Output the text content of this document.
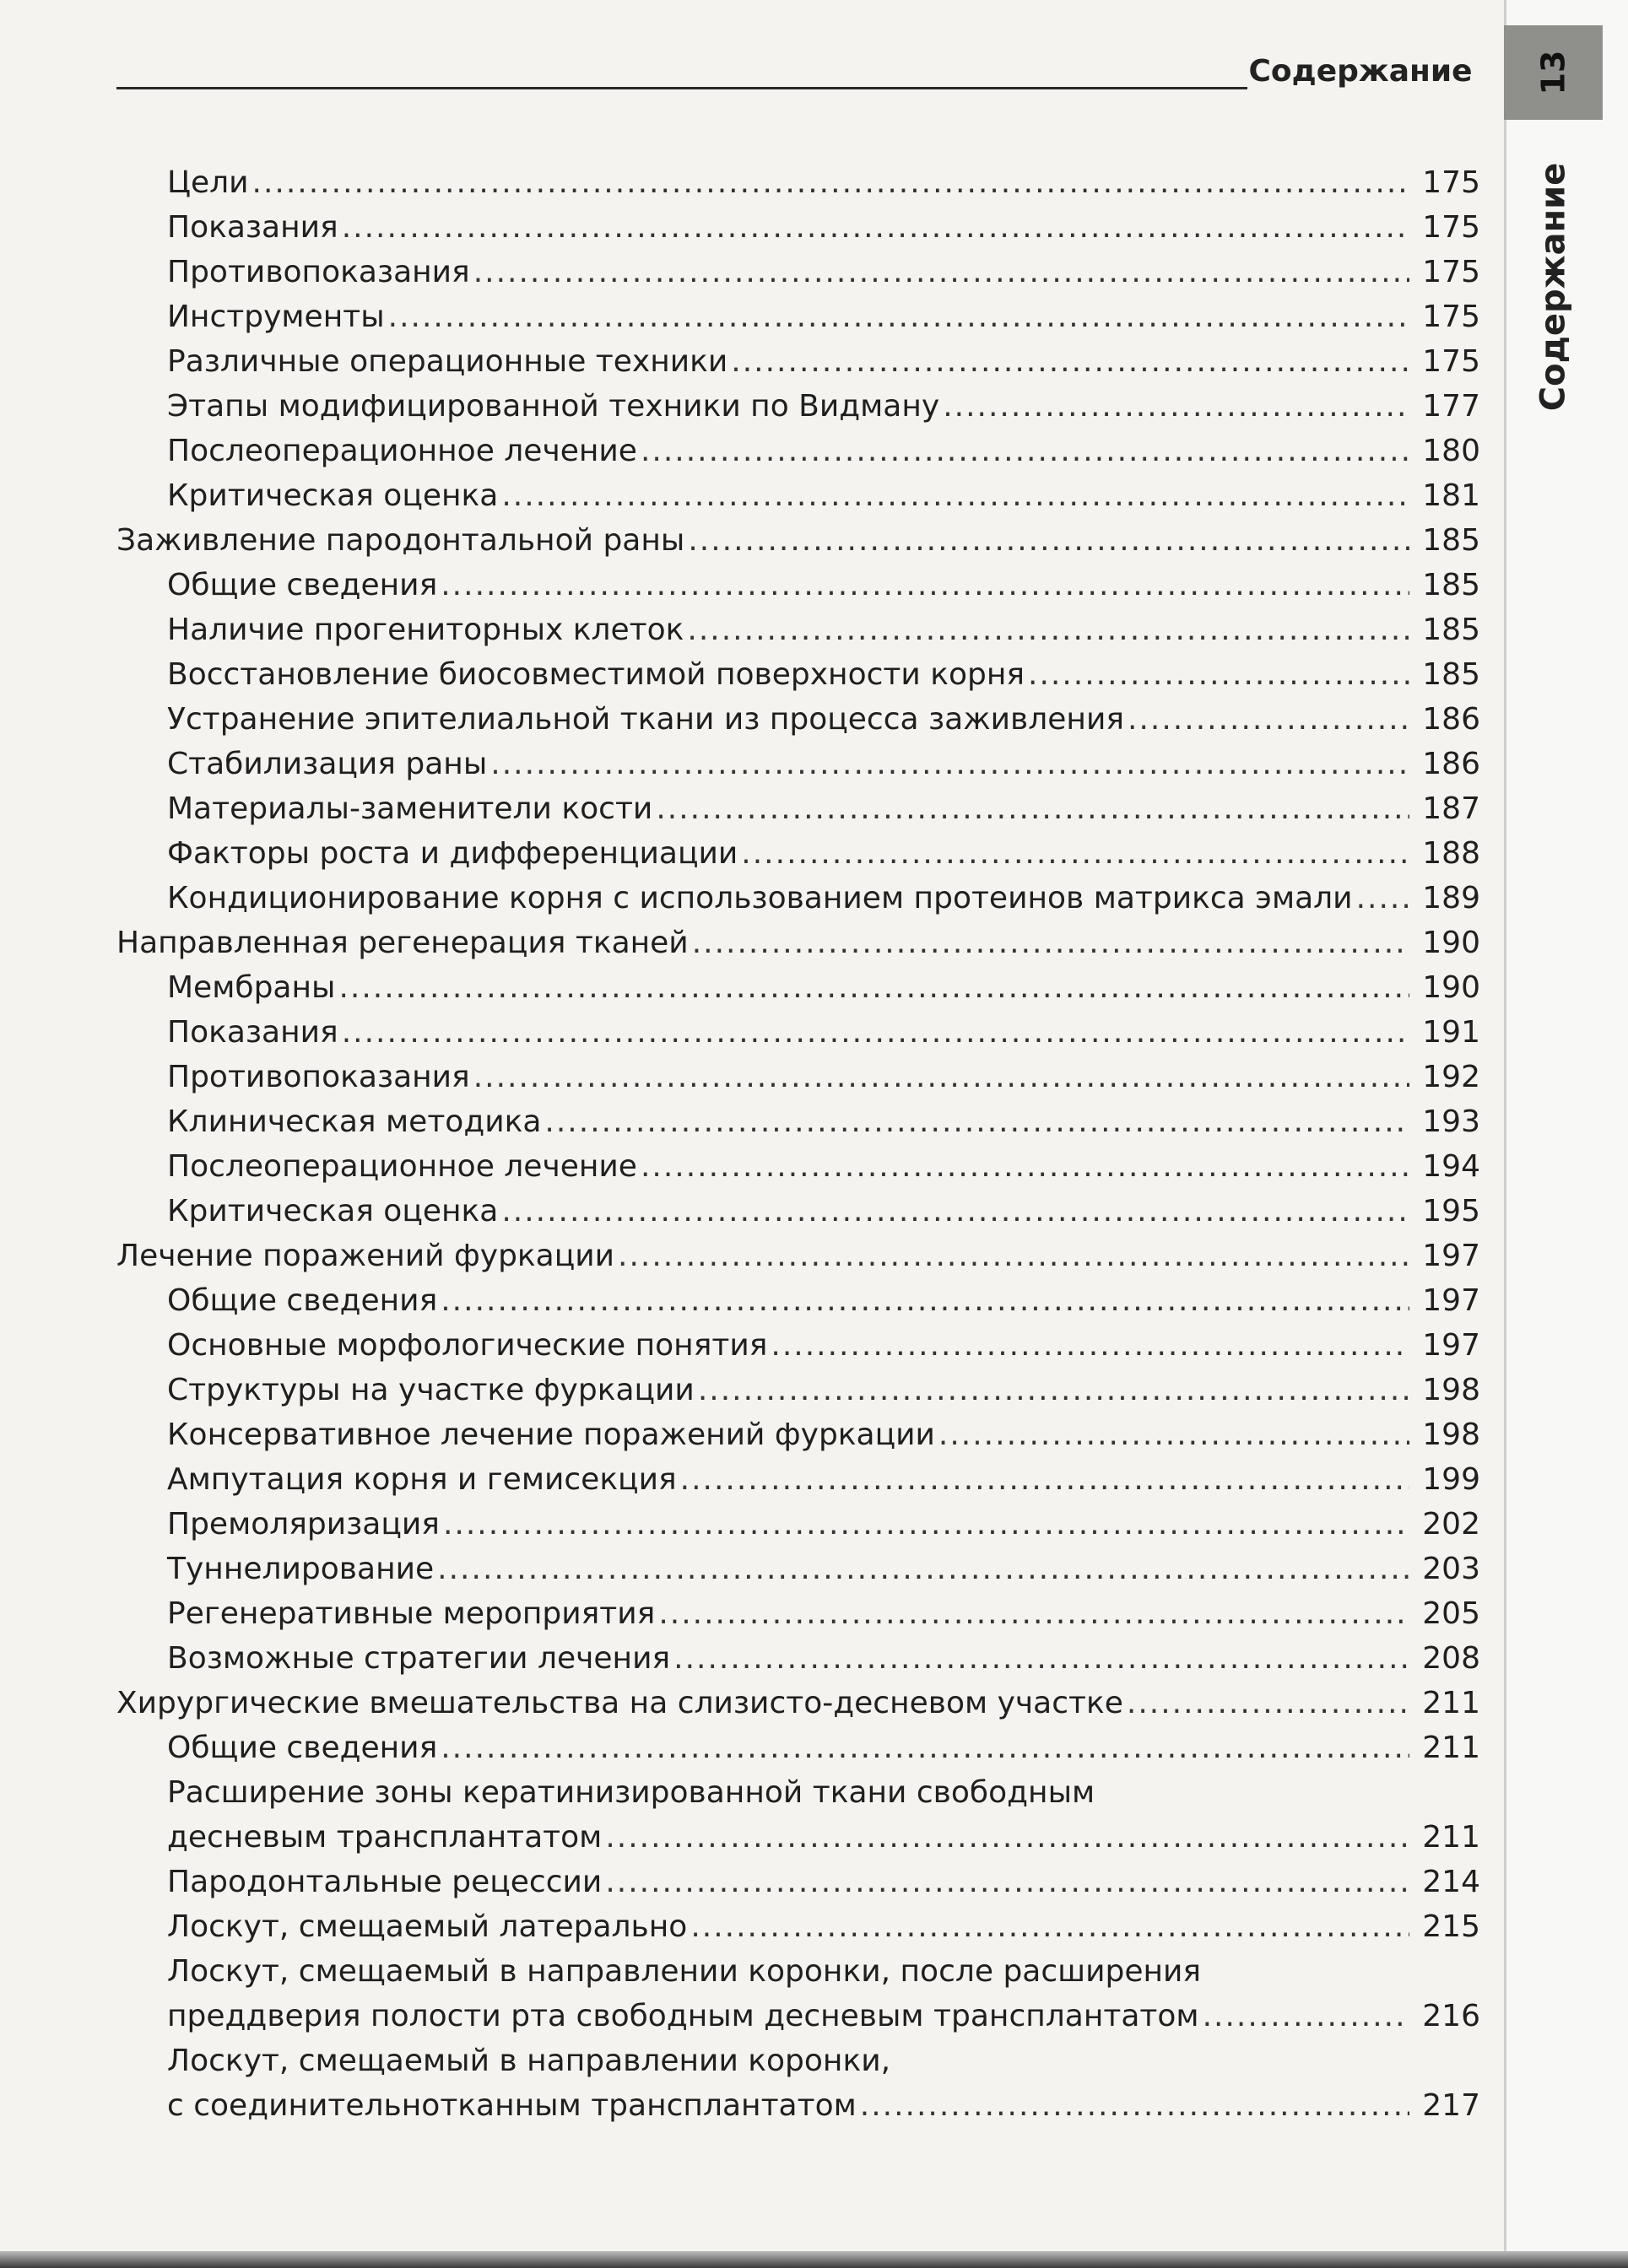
Содержание 13
Содержание
Цели .....	175
Показания .....	175
Противопоказания .....	175
Инструменты .....	175
Различные операционные техники .....	175
Этапы модифицированной техники по Видману .....	177
Послеоперационное лечение .....	180
Критическая оценка .....	181
Заживление пародонтальной раны .....	185
Общие сведения .....	185
Наличие прогениторных клеток .....	185
Восстановление биосовместимой поверхности корня .....	185
Устранение эпителиальной ткани из процесса заживления .....	186
Стабилизация раны .....	186
Материалы-заменители кости .....	187
Факторы роста и дифференциации .....	188
Кондиционирование корня с использованием протеинов матрикса эмали .....	189
Направленная регенерация тканей .....	190
Мембраны .....	190
Показания .....	191
Противопоказания .....	192
Клиническая методика .....	193
Послеоперационное лечение .....	194
Критическая оценка .....	195
Лечение поражений фуркации .....	197
Общие сведения .....	197
Основные морфологические понятия .....	197
Структуры на участке фуркации .....	198
Консервативное лечение поражений фуркации .....	198
Ампутация корня и гемисекция .....	199
Премоляризация .....	202
Туннелирование .....	203
Регенеративные мероприятия .....	205
Возможные стратегии лечения .....	208
Хирургические вмешательства на слизисто-десневом участке .....	211
Общие сведения .....	211
Расширение зоны кератинизированной ткани свободным
десневым трансплантатом .....	211
Пародонтальные рецессии .....	214
Лоскут, смещаемый латерально .....	215
Лоскут, смещаемый в направлении коронки, после расширения
преддверия полости рта свободным десневым трансплантатом .....	216
Лоскут, смещаемый в направлении коронки,
с соединительнотканным трансплантатом .....	217
